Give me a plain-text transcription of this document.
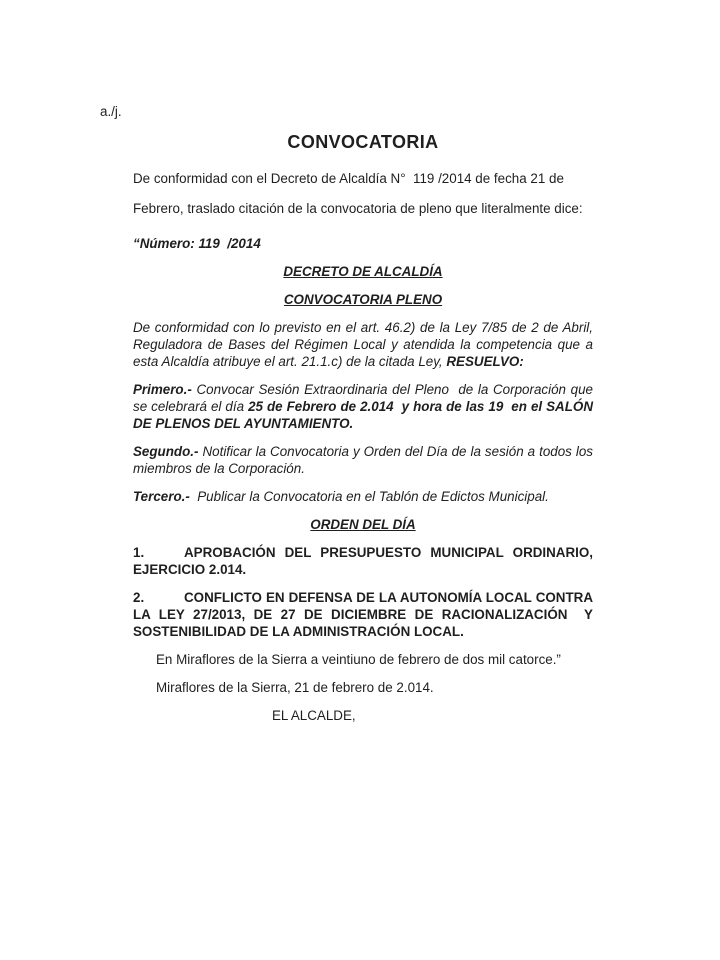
a./j.
CONVOCATORIA

De conformidad con el Decreto de Alcaldía N°  119 /2014 de fecha 21 de Febrero, traslado citación de la convocatoria de pleno que literalmente dice:

“Número: 119  /2014

DECRETO DE ALCALDÍA
CONVOCATORIA PLENO

De conformidad con lo previsto en el art. 46.2) de la Ley 7/85 de 2 de Abril, Reguladora de Bases del Régimen Local y atendida la competencia que a esta Alcaldía atribuye el art. 21.1.c) de la citada Ley, RESUELVO:

Primero.- Convocar Sesión Extraordinaria del Pleno  de la Corporación que se celebrará el día 25 de Febrero de 2.014  y hora de las 19  en el SALÓN DE PLENOS DEL AYUNTAMIENTO.

Segundo.- Notificar la Convocatoria y Orden del Día de la sesión a todos los miembros de la Corporación.

Tercero.-  Publicar la Convocatoria en el Tablón de Edictos Municipal.

ORDEN DEL DÍA

1.	APROBACIÓN DEL PRESUPUESTO MUNICIPAL ORDINARIO, EJERCICIO 2.014.

2.	CONFLICTO EN DEFENSA DE LA AUTONOMÍA LOCAL CONTRA LA LEY 27/2013, DE 27 DE DICIEMBRE DE RACIONALIZACIÓN  Y SOSTENIBILIDAD DE LA ADMINISTRACIÓN LOCAL.

En Miraflores de la Sierra a veintiuno de febrero de dos mil catorce.”

Miraflores de la Sierra, 21 de febrero de 2.014.

EL ALCALDE,
